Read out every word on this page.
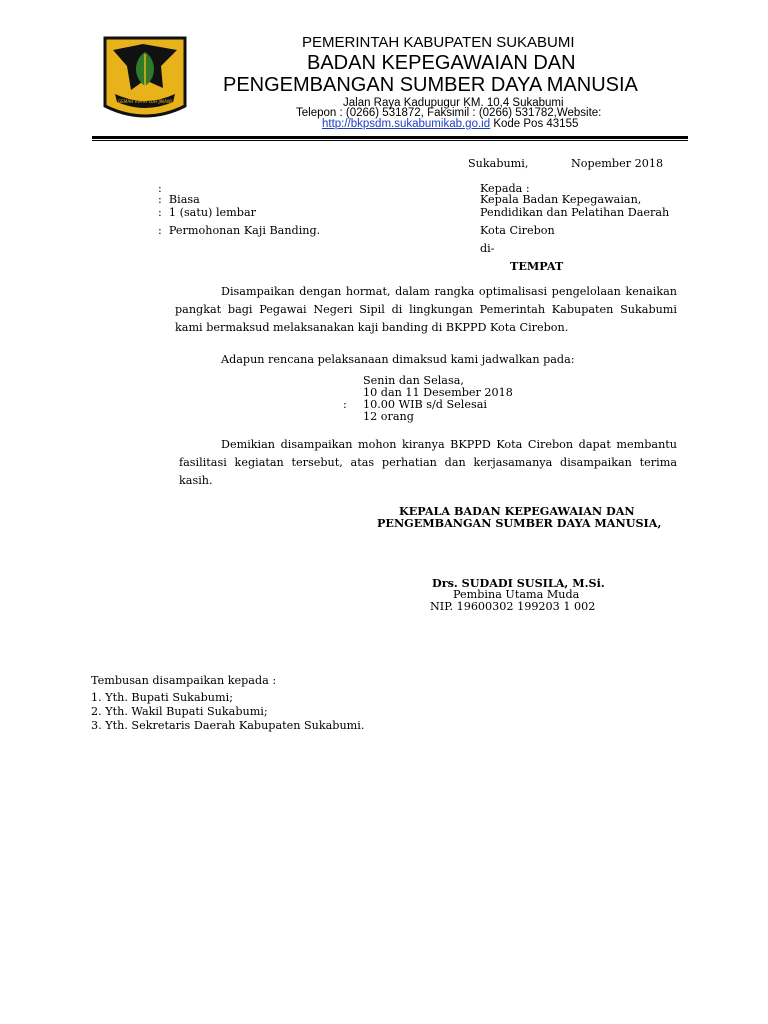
GEMAH RIPAH LOH JINAWI
PEMERINTAH KABUPATEN SUKABUMI
BADAN KEPEGAWAIAN DAN
PENGEMBANGAN SUMBER DAYA MANUSIA
Jalan Raya Kadupugur KM. 10,4 Sukabumi
Telepon : (0266) 531872, Faksimil : (0266) 531782,Website:
http://bkpsdm.sukabumikab.go.id Kode Pos 43155
Sukabumi,	Nopember 2018
:
: Biasa
: 1 (satu) lembar
: Permohonan Kaji Banding.
Kepada :
Kepala Badan Kepegawaian,
Pendidikan dan Pelatihan Daerah
Kota Cirebon
di-
TEMPAT
Disampaikan dengan hormat, dalam rangka optimalisasi pengelolaan kenaikan pangkat bagi Pegawai Negeri Sipil di lingkungan Pemerintah Kabupaten Sukabumi kami bermaksud melaksanakan kaji banding di BKPPD Kota Cirebon.
Adapun rencana pelaksanaan dimaksud kami jadwalkan pada:
Senin dan Selasa,
10 dan 11 Desember 2018
: 10.00 WIB s/d Selesai
12 orang
Demikian disampaikan mohon kiranya BKPPD Kota Cirebon dapat membantu fasilitasi kegiatan tersebut, atas perhatian dan kerjasamanya disampaikan terima kasih.
KEPALA BADAN KEPEGAWAIAN DAN
PENGEMBANGAN SUMBER DAYA MANUSIA,
Drs. SUDADI SUSILA, M.Si.
Pembina Utama Muda
NIP. 19600302 199203 1 002
Tembusan disampaikan kepada :
1. Yth. Bupati Sukabumi;
2. Yth. Wakil Bupati Sukabumi;
3. Yth. Sekretaris Daerah Kabupaten Sukabumi.
